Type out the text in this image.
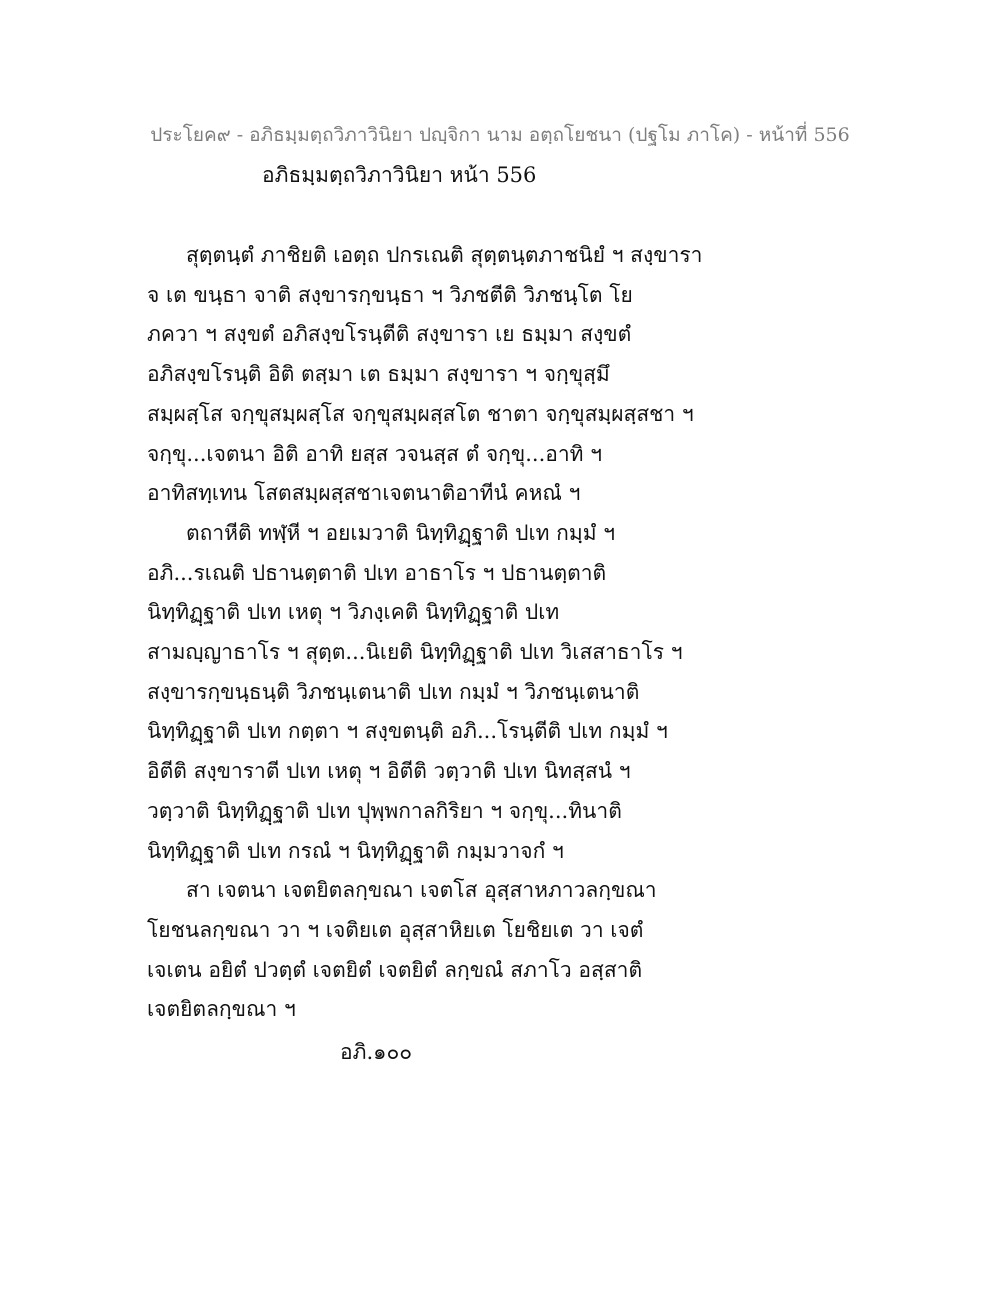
ประโยค๙ - อภิธมฺมตฺถวิภาวินิยา ปญฺจิกา นาม อตฺถโยชนา (ปฐโม ภาโค) - หน้าที่ 556
อภิธมฺมตฺถวิภาวินิยา หน้า 556
สุตฺตนฺตํ ภาชิยติ เอตฺถ ปกรเณติ สุตฺตนฺตภาชนิยํ ฯ สงฺขารา
จ เต ขนฺธา จาติ สงฺขารกฺขนฺธา ฯ วิภชตีติ วิภชนฺโต โย
ภควา ฯ สงฺขตํ อภิสงฺขโรนฺตีติ สงฺขารา เย ธมฺมา สงฺขตํ
อภิสงฺขโรนฺติ อิติ ตสฺมา เต ธมฺมา สงฺขารา ฯ จกฺขุสฺมึ
สมฺผสฺโส จกฺขุสมฺผสฺโส จกฺขุสมฺผสฺสโต ชาตา จกฺขุสมฺผสฺสชา ฯ
จกฺขุ...เจตนา อิติ อาทิ ยสฺส วจนสฺส ตํ จกฺขุ...อาทิ ฯ
อาทิสทฺเทน โสตสมฺผสฺสชาเจตนาติอาทีนํ คหณํ ฯ
ตถาหีติ ทฬฺหี ฯ อยเมวาติ นิทฺทิฏฺฐาติ ปเท กมฺมํ ฯ
อภิ...รเณติ ปธานตฺตาติ ปเท อาธาโร ฯ ปธานตฺตาติ
นิทฺทิฏฺฐาติ ปเท เหตุ ฯ วิภงฺเคติ นิทฺทิฏฺฐาติ ปเท
สามญฺญาธาโร ฯ สุตฺต...นิเยติ นิทฺทิฏฺฐาติ ปเท วิเสสาธาโร ฯ
สงฺขารกฺขนฺธนฺติ วิภชนฺเตนาติ ปเท กมฺมํ ฯ วิภชนฺเตนาติ
นิทฺทิฏฺฐาติ ปเท กตฺตา ฯ สงฺขตนฺติ อภิ...โรนฺตีติ ปเท กมฺมํ ฯ
อิตีติ สงฺขาราตี ปเท เหตุ ฯ อิตีติ วตฺวาติ ปเท นิทสฺสนํ ฯ
วตฺวาติ นิทฺทิฏฺฐาติ ปเท ปุพฺพกาลกิริยา ฯ จกฺขุ...ทินาติ
นิทฺทิฏฺฐาติ ปเท กรณํ ฯ นิทฺทิฏฺฐาติ กมฺมวาจกํ ฯ
สา เจตนา เจตยิตลกฺขณา เจตโส อุสฺสาหภาวลกฺขณา
โยชนลกฺขณา วา ฯ เจติยเต อุสฺสาหิยเต โยชิยเต วา เจตํ
เจเตน อยิตํ ปวตฺตํ เจตยิตํ เจตยิตํ ลกฺขณํ สภาโว อสฺสาติ
เจตยิตลกฺขณา ฯ
อภิ.๑๐๐
